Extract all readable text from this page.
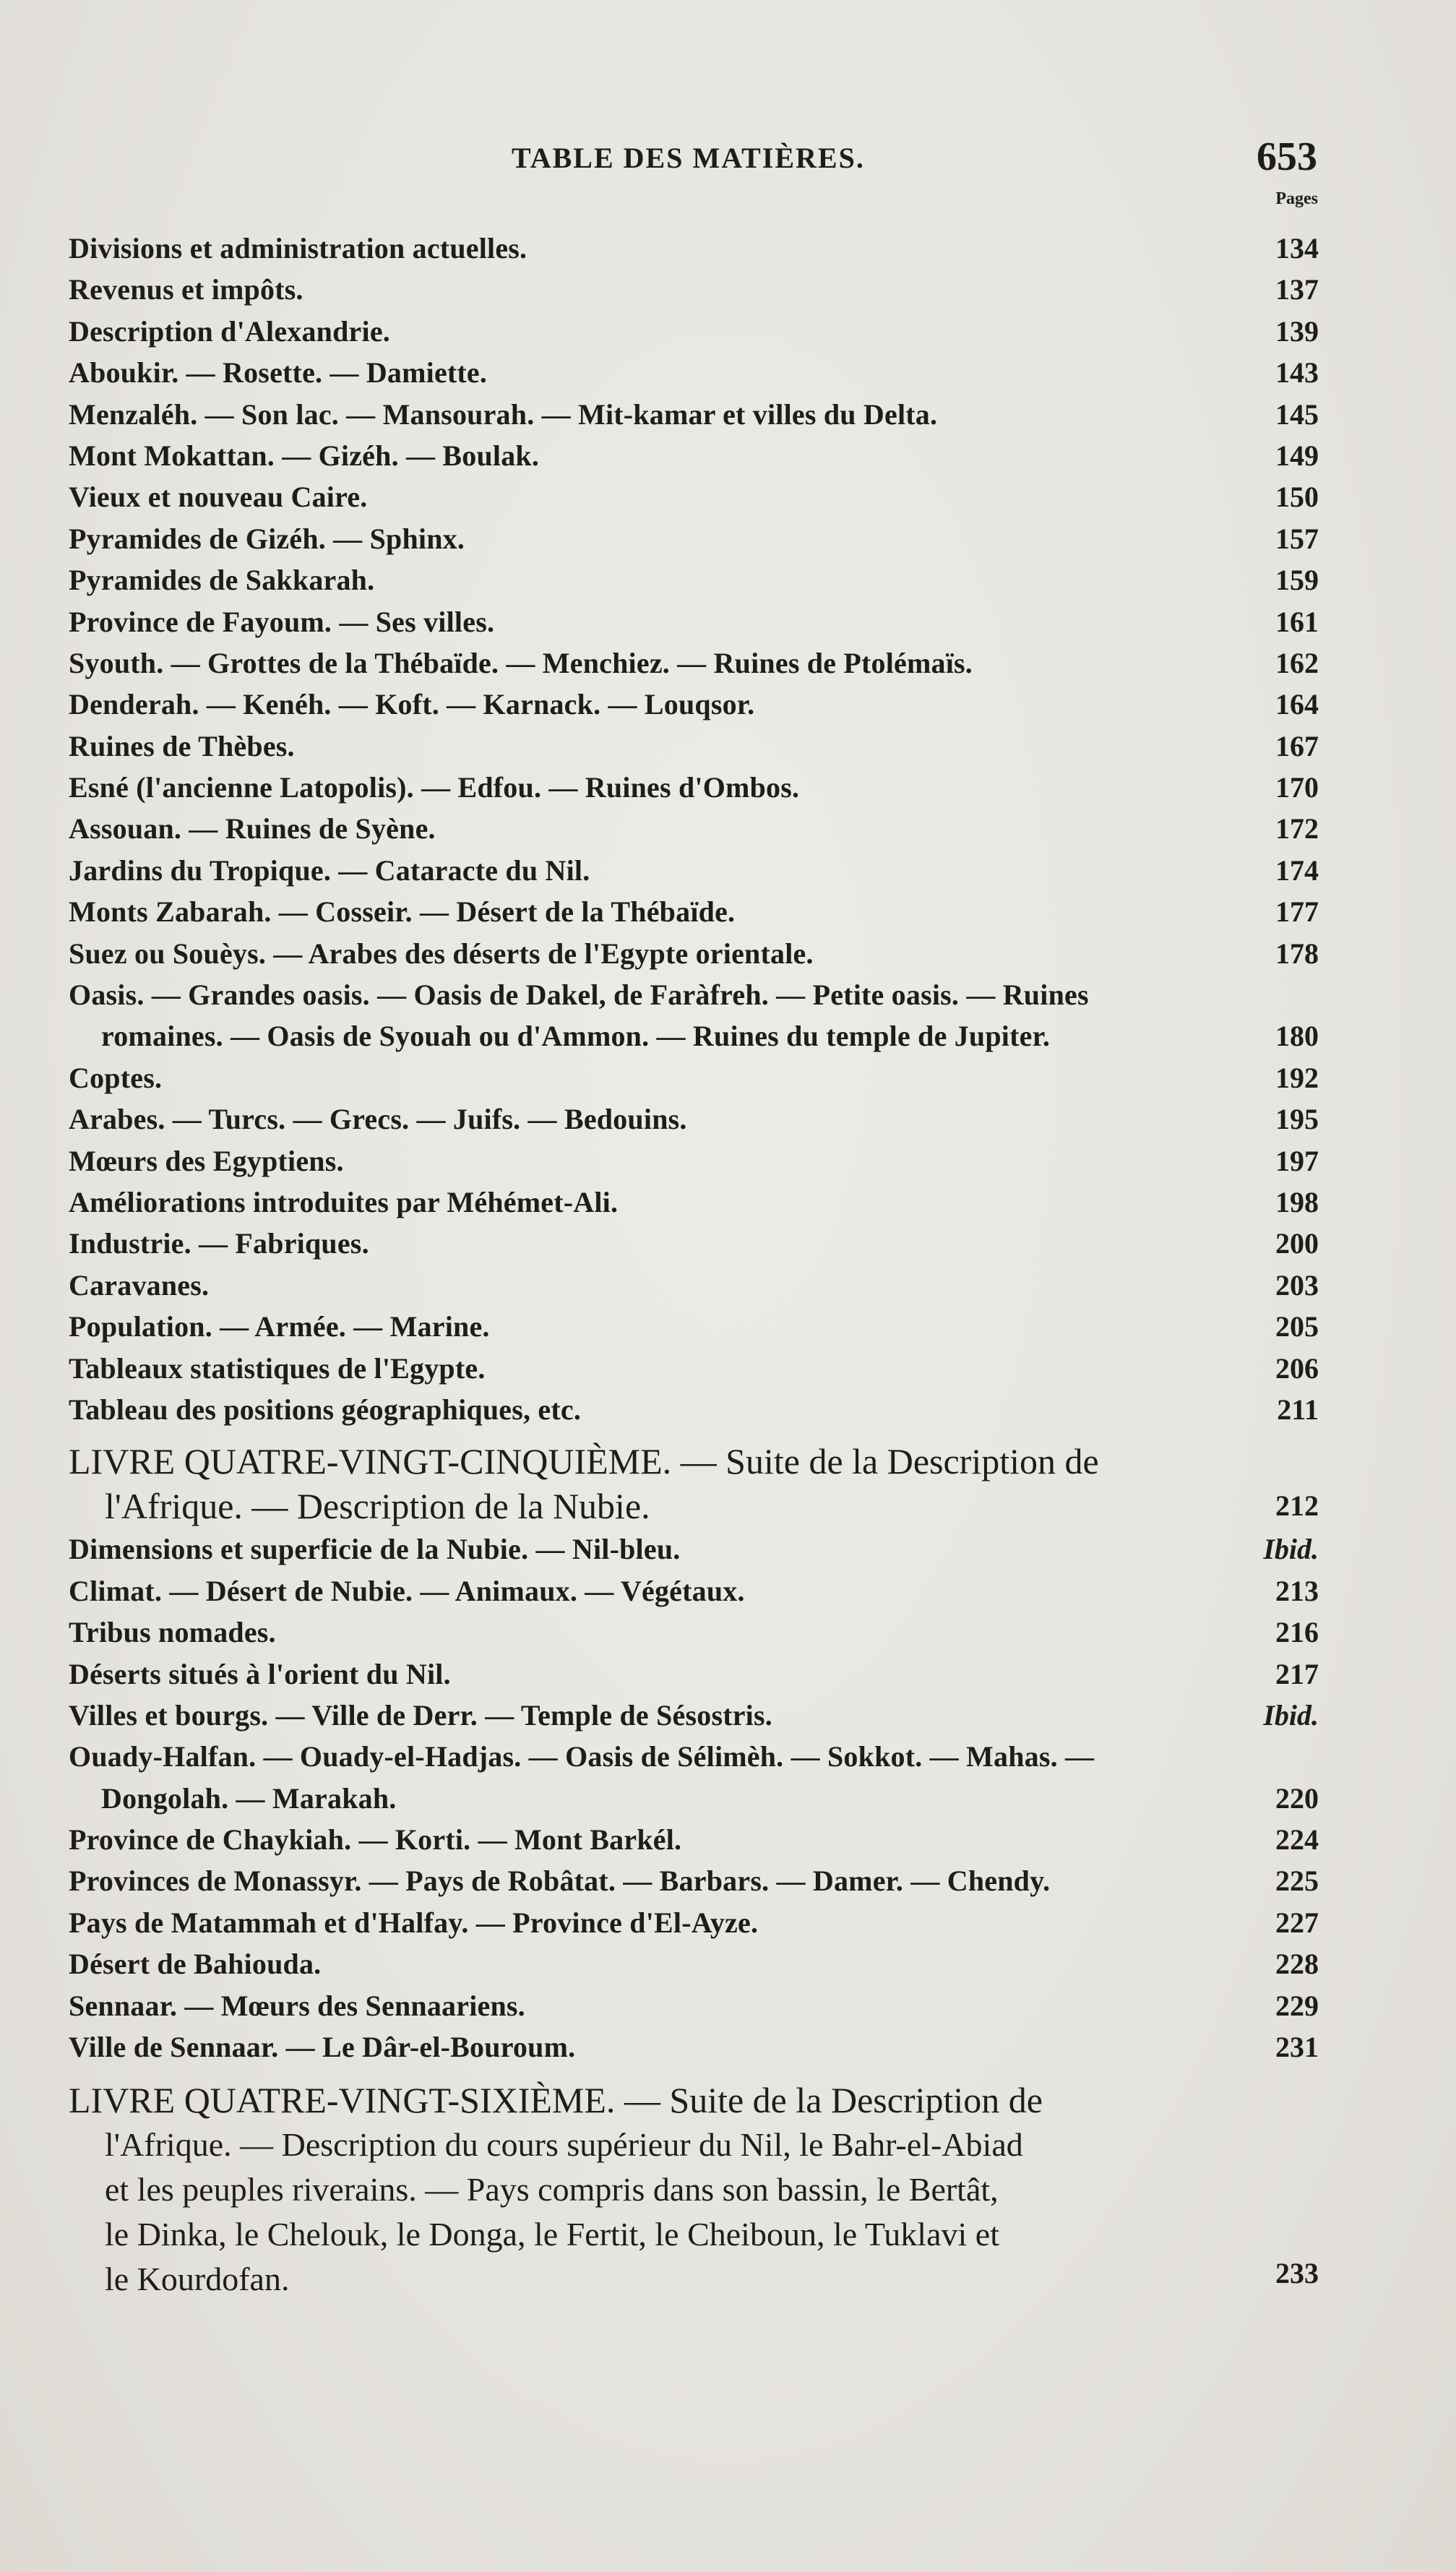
TABLE DES MATIÈRES.	653
Pages
Divisions et administration actuelles.	134
Revenus et impôts.	137
Description d'Alexandrie.	139
Aboukir. — Rosette. — Damiette.	143
Menzaléh. — Son lac. — Mansourah. — Mit-kamar et villes du Delta.	145
Mont Mokattan. — Gizéh. — Boulak.	149
Vieux et nouveau Caire.	150
Pyramides de Gizéh. — Sphinx.	157
Pyramides de Sakkarah.	159
Province de Fayoum. — Ses villes.	161
Syouth. — Grottes de la Thébaïde. — Menchiez. — Ruines de Ptolémaïs.	162
Denderah. — Kenéh. — Koft. — Karnack. — Louqsor.	164
Ruines de Thèbes.	167
Esné (l'ancienne Latopolis). — Edfou. — Ruines d'Ombos.	170
Assouan. — Ruines de Syène.	172
Jardins du Tropique. — Cataracte du Nil.	174
Monts Zabarah. — Cosseir. — Désert de la Thébaïde.	177
Suez ou Souèys. — Arabes des déserts de l'Egypte orientale.	178
Oasis. — Grandes oasis. — Oasis de Dakel, de Faràfreh. — Petite oasis. — Ruines
romaines. — Oasis de Syouah ou d'Ammon. — Ruines du temple de Jupiter.	180
Coptes.	192
Arabes. — Turcs. — Grecs. — Juifs. — Bedouins.	195
Mœurs des Egyptiens.	197
Améliorations introduites par Méhémet-Ali.	198
Industrie. — Fabriques.	200
Caravanes.	203
Population. — Armée. — Marine.	205
Tableaux statistiques de l'Egypte.	206
Tableau des positions géographiques, etc.	211
LIVRE QUATRE-VINGT-CINQUIÈME. — Suite de la Description de
l'Afrique. — Description de la Nubie.	212
Dimensions et superficie de la Nubie. — Nil-bleu.	Ibid.
Climat. — Désert de Nubie. — Animaux. — Végétaux.	213
Tribus nomades.	216
Déserts situés à l'orient du Nil.	217
Villes et bourgs. — Ville de Derr. — Temple de Sésostris.	Ibid.
Ouady-Halfan. — Ouady-el-Hadjas. — Oasis de Sélimèh. — Sokkot. — Mahas. —
Dongolah. — Marakah.	220
Province de Chaykiah. — Korti. — Mont Barkél.	224
Provinces de Monassyr. — Pays de Robâtat. — Barbars. — Damer. — Chendy.	225
Pays de Matammah et d'Halfay. — Province d'El-Ayze.	227
Désert de Bahiouda.	228
Sennaar. — Mœurs des Sennaariens.	229
Ville de Sennaar. — Le Dâr-el-Bouroum.	231
LIVRE QUATRE-VINGT-SIXIÈME. — Suite de la Description de
l'Afrique. — Description du cours supérieur du Nil, le Bahr-el-Abiad
et les peuples riverains. — Pays compris dans son bassin, le Bertât,
le Dinka, le Chelouk, le Donga, le Fertit, le Cheiboun, le Tuklavi et
le Kourdofan.	233
